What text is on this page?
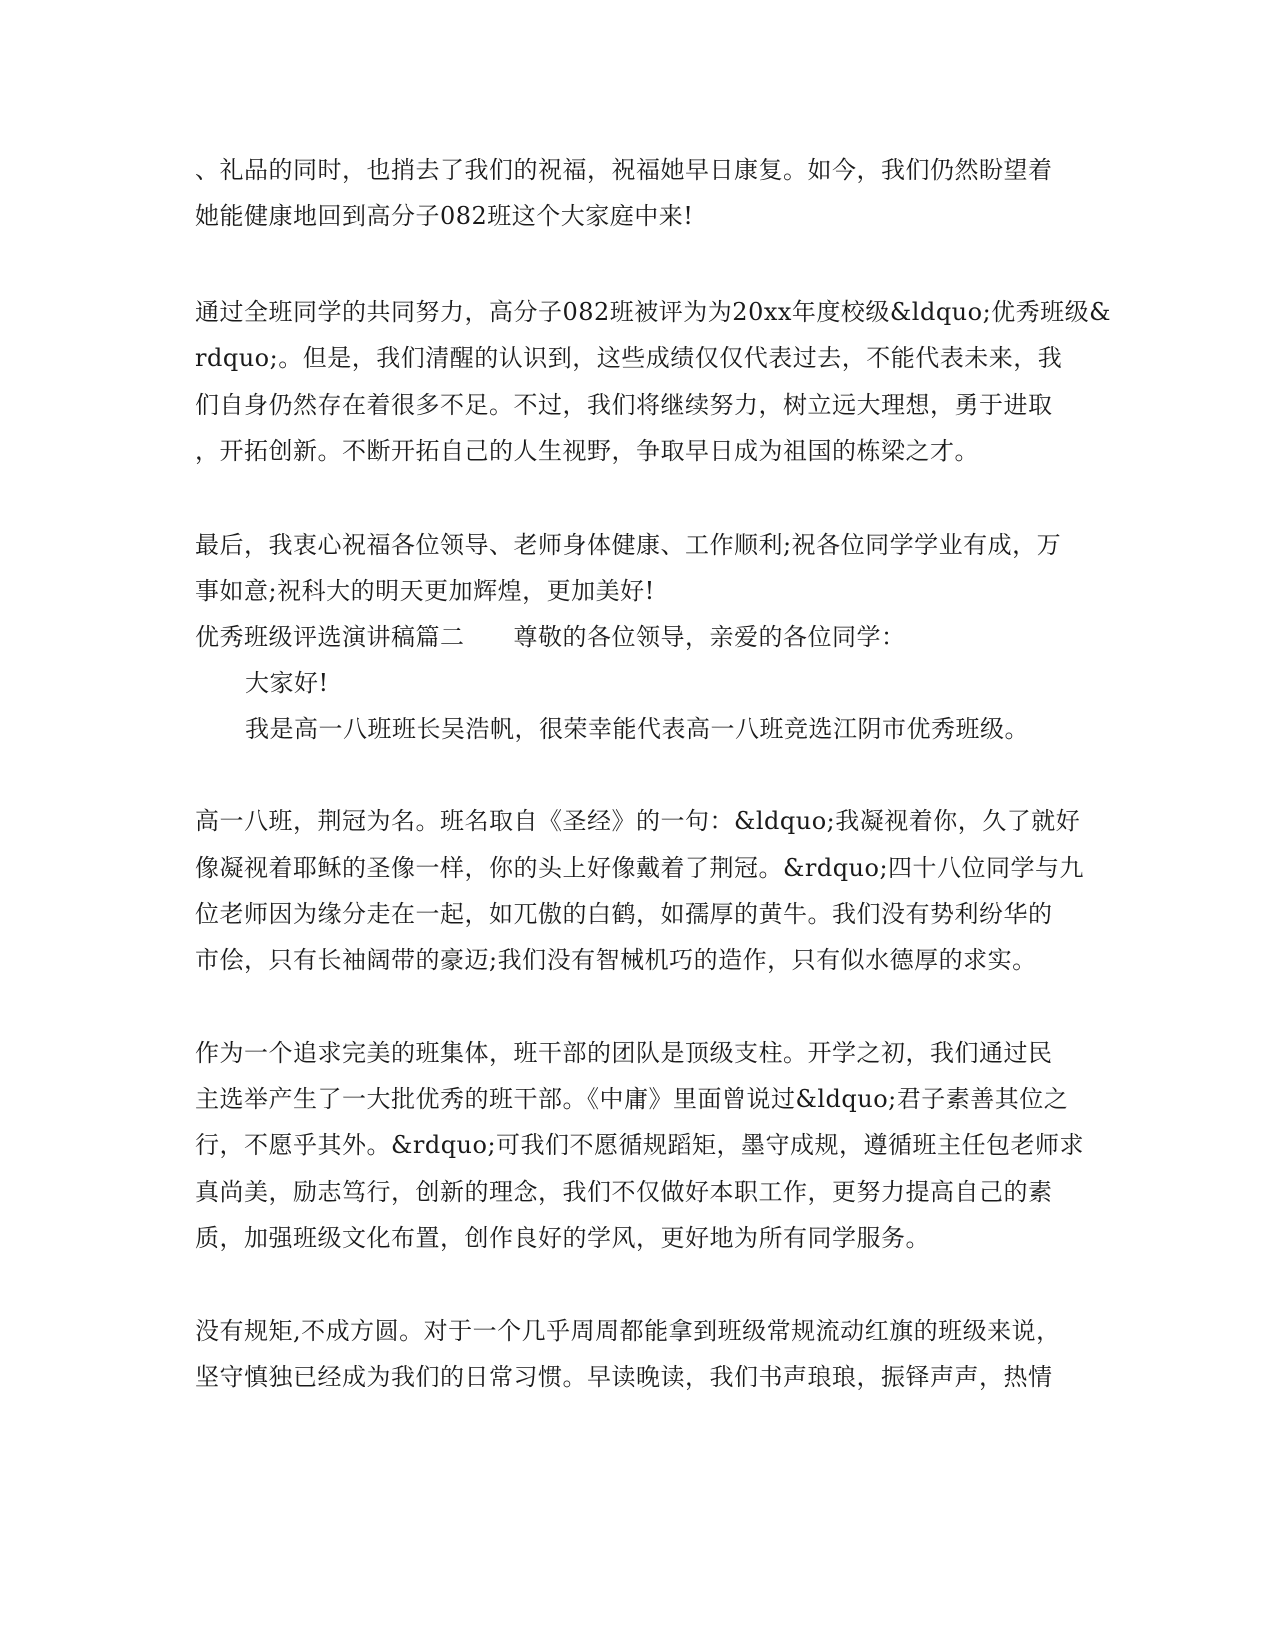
、礼品的同时，也捎去了我们的祝福，祝福她早日康复。如今，我们仍然盼望着
她能健康地回到高分子082班这个大家庭中来!
通过全班同学的共同努力，高分子082班被评为为20xx年度校级&ldquo;优秀班级&
rdquo;。但是，我们清醒的认识到，这些成绩仅仅代表过去，不能代表未来，我
们自身仍然存在着很多不足。不过，我们将继续努力，树立远大理想，勇于进取
，开拓创新。不断开拓自己的人生视野，争取早日成为祖国的栋梁之才。
最后，我衷心祝福各位领导、老师身体健康、工作顺利;祝各位同学学业有成，万
事如意;祝科大的明天更加辉煌，更加美好!
优秀班级评选演讲稿篇二　　尊敬的各位领导，亲爱的各位同学：
大家好!
我是高一八班班长吴浩帆，很荣幸能代表高一八班竞选江阴市优秀班级。
高一八班，荆冠为名。班名取自《圣经》的一句：&ldquo;我凝视着你，久了就好
像凝视着耶稣的圣像一样，你的头上好像戴着了荆冠。&rdquo;四十八位同学与九
位老师因为缘分走在一起，如兀傲的白鹤，如孺厚的黄牛。我们没有势利纷华的
市侩，只有长袖阔带的豪迈;我们没有智械机巧的造作，只有似水德厚的求实。
作为一个追求完美的班集体，班干部的团队是顶级支柱。开学之初，我们通过民
主选举产生了一大批优秀的班干部。《中庸》里面曾说过&ldquo;君子素善其位之
行，不愿乎其外。&rdquo;可我们不愿循规蹈矩，墨守成规，遵循班主任包老师求
真尚美，励志笃行，创新的理念，我们不仅做好本职工作，更努力提高自己的素
质，加强班级文化布置，创作良好的学风，更好地为所有同学服务。
没有规矩,不成方圆。对于一个几乎周周都能拿到班级常规流动红旗的班级来说，
坚守慎独已经成为我们的日常习惯。早读晚读，我们书声琅琅，振铎声声，热情
